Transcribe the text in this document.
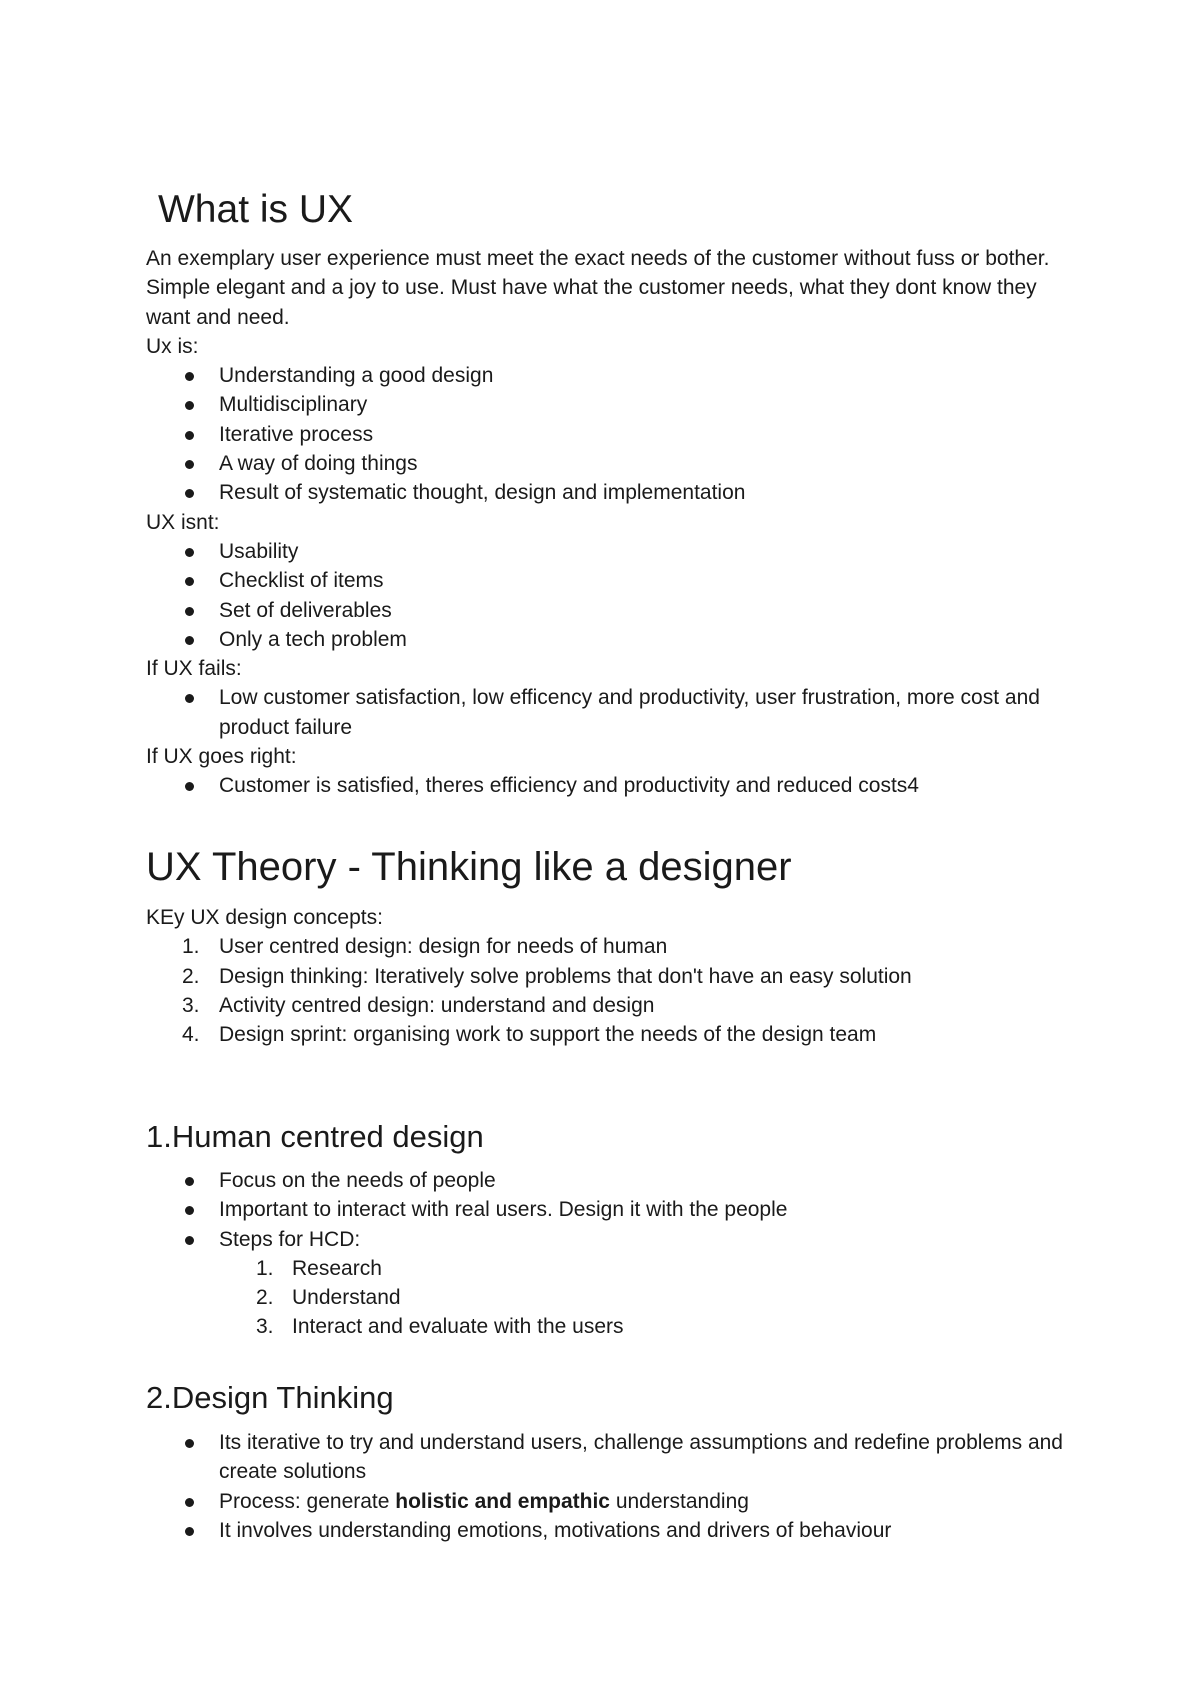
What is UX

An exemplary user experience must meet the exact needs of the customer without fuss or bother. Simple elegant and a joy to use. Must have what the customer needs, what they dont know they want and need.

Ux is:

Understanding a good design
Multidisciplinary
Iterative process
A way of doing things
Result of systematic thought, design and implementation

UX isnt:

Usability
Checklist of items
Set of deliverables
Only a tech problem

If UX fails:

Low customer satisfaction, low efficency and productivity, user frustration, more cost and product failure

If UX goes right:

Customer is satisfied, theres efficiency and productivity and reduced costs4
UX Theory - Thinking like a designer

KEy UX design concepts:

1. User centred design: design for needs of human
2. Design thinking: Iteratively solve problems that don't have an easy solution
3. Activity centred design: understand and design
4. Design sprint: organising work to support the needs of the design team
1.Human centred design
Focus on the needs of people
Important to interact with real users. Design it with the people
Steps for HCD:
1. Research
2. Understand
3. Interact and evaluate with the users
2.Design Thinking
Its iterative to try and understand users, challenge assumptions and redefine problems and create solutions
Process: generate holistic and empathic understanding
It involves understanding emotions, motivations and drivers of behaviour
